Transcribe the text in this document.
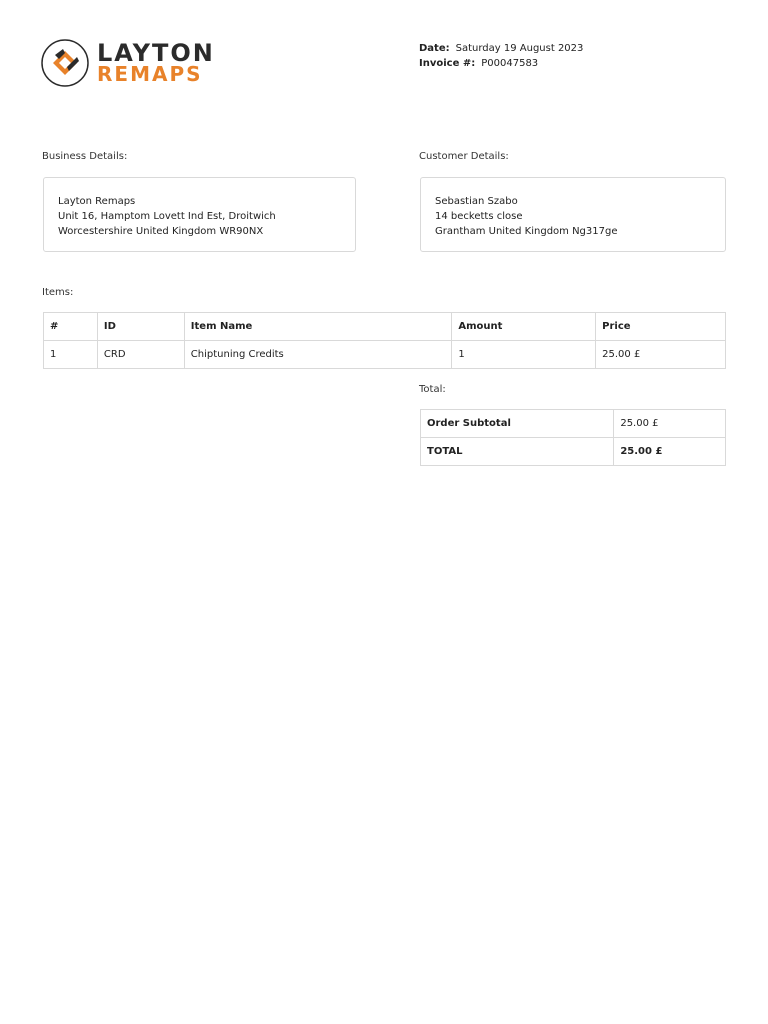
LAYTON
REMAPS
Date: Saturday 19 August 2023
Invoice #: P00047583
Business Details:
Layton Remaps
Unit 16, Hamptom Lovett Ind Est, Droitwich
Worcestershire United Kingdom WR90NX
Customer Details:
Sebastian Szabo
14 becketts close
Grantham United Kingdom Ng317ge
Items:
#	ID	Item Name	Amount	Price
1	CRD	Chiptuning Credits	1	25.00 £
Total:
Order Subtotal	25.00 £
TOTAL	25.00 £
